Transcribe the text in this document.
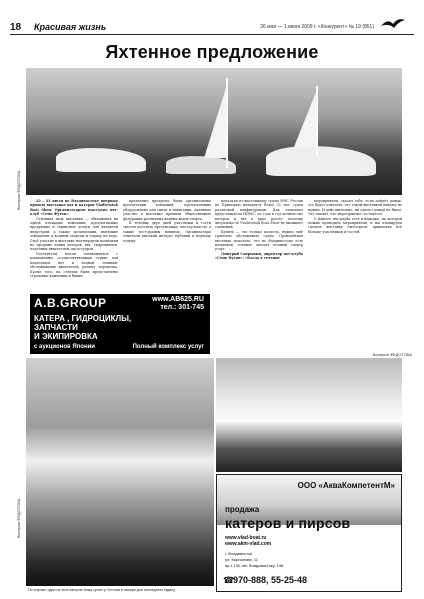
18 Красивая жизнь	26 мая — 1 июня 2009 г. «Конкурент» № 19 (851)
Яхтенное предложение
Валерия ФЕДОТОВА	22 – 23 июля во Владивостоке впервые прошла выставка яхт и катеров Vladivostok Boat Show. Организатором выступил яхт-клуб «Семь Футов».

Основная цель выставки — объединить на одной площадке компании, предлагающие продукцию и сервисные услуги для яхтенной индустрии, а также организации, имеющие отношение к водным спортам и отдыху на воде. Своё участие в выставке подтвердили компании по продаже новых катеров, яхт, гидроциклов, лодочных двигателей, аксессуаров.

Посетители могли ознакомиться с компаниями, осуществляющими сервис для владельцев яхт и водной техники: обслуживание двигателей, ремонт, перевозка. Кроме того, на стендах были представлены страховые компании и банки.

кредитные продукты, были организованы презентации компаний, предлагающих оборудование для связи и навигации. Активное участие в выставке приняли общественные федерации различных водных видов спорта.

В течение двух дней участники и гости смогли посетить презентации, мастер-классы, а также тест-драйвы новинок. Организаторы отметили высокий интерес публики к водному отдыху.

показали по-настоящему судам МЧС России по Приморью находится более 25 тыс. судов различной конфигурации. Как отмечают представители ПИМС, из года в год количество катеров и яхт в крае растёт, поэтому актуальность Vladivostok Boat Show не вызывает сомнений.

Купить — это только полдела, нужно ещё грамотно обслуживать судно. Проведённая выставка показала, что во Владивостоке есть компании, готовые оказать полный спектр услуг.

Дмитрий Сапрыкин, директор яхт-клуба «Семь Футов»: «Когда в течение

мероприятия, сказал себе: если пойдёт дождь, это будет означать, что такой выставкой никому не нужна. И действительно, ни одного дождя не было! Это значит, что мероприятие состоялось.

У нашего яхт-клуба есть площадка, на которой можно проводить мероприятия, и мы планируем сделать выставку ежегодной, привлекая всё больше участников и гостей.

Валерия ФЕДОТОВА
A.B.GROUP	www.AB625.RU
тел.: 301-745
КАТЕРА , ГИДРОЦИКЛЫ,
ЗАПЧАСТИ
И ЭКИПИРОВКА
с аукционов Японии	Полный комплекс услуг
Валерия ФЕДОТОВА
По слухам, один из этих катеров Анжи купил у Глотова в тамаре для последнего гадану.
ООО «АкваКомпетентМ»
продажа
катеров и пирсов
www.vlad-boat.ru
www.akm-vlad.com
г. Владивосток,
ул. Корнилова, 11
пр-т 100 лет Владивостоку, 148
☎
970-888, 55-25-48
